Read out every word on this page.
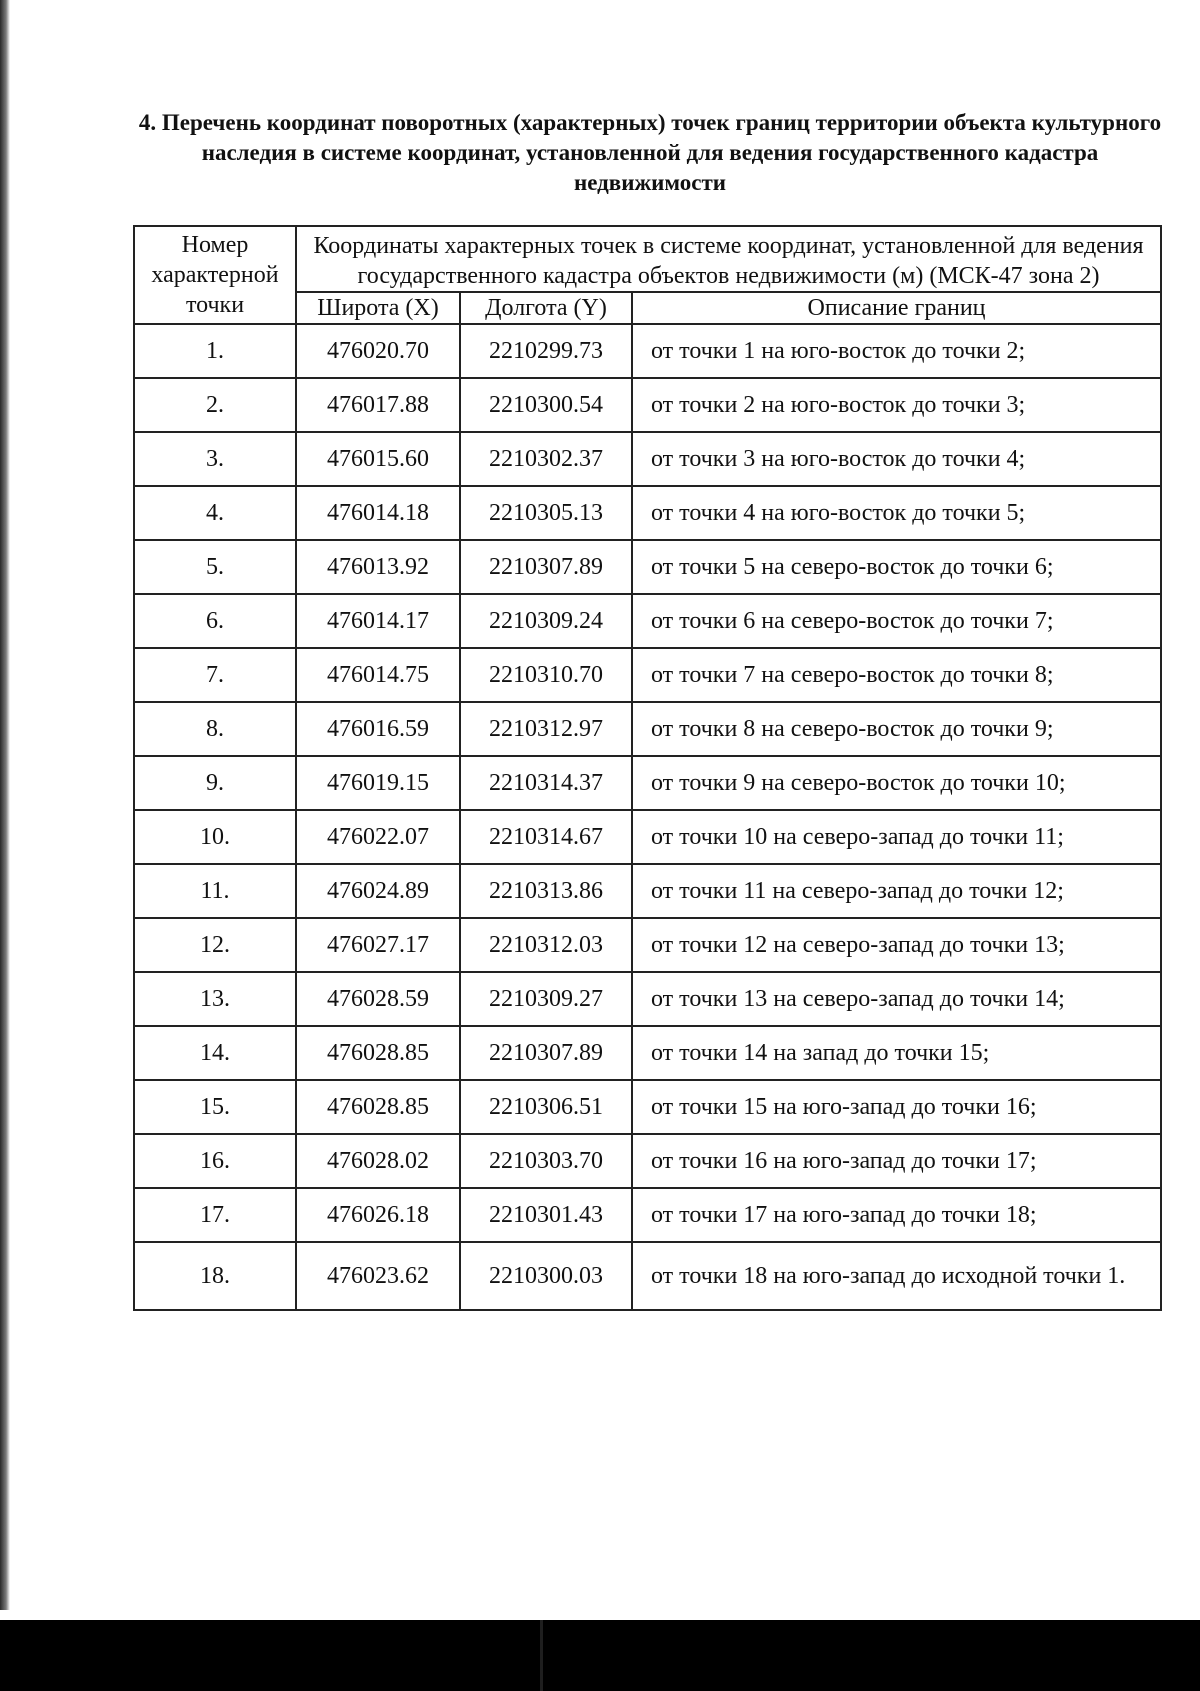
4. Перечень координат поворотных (характерных) точек границ территории объекта культурного наследия в системе координат, установленной для ведения государственного кадастра недвижимости
Номер характерной точки	Координаты характерных точек в системе координат, установленной для ведения государственного кадастра объектов недвижимости (м) (МСК-47 зона 2)		
	Широта (X)	Долгота (Y)	Описание границ
1.	476020.70	2210299.73	от точки 1 на юго-восток до точки 2;
2.	476017.88	2210300.54	от точки 2 на юго-восток до точки 3;
3.	476015.60	2210302.37	от точки 3 на юго-восток до точки 4;
4.	476014.18	2210305.13	от точки 4 на юго-восток до точки 5;
5.	476013.92	2210307.89	от точки 5 на северо-восток до точки 6;
6.	476014.17	2210309.24	от точки 6 на северо-восток до точки 7;
7.	476014.75	2210310.70	от точки 7 на северо-восток до точки 8;
8.	476016.59	2210312.97	от точки 8 на северо-восток до точки 9;
9.	476019.15	2210314.37	от точки 9 на северо-восток до точки 10;
10.	476022.07	2210314.67	от точки 10 на северо-запад до точки 11;
11.	476024.89	2210313.86	от точки 11 на северо-запад до точки 12;
12.	476027.17	2210312.03	от точки 12 на северо-запад до точки 13;
13.	476028.59	2210309.27	от точки 13 на северо-запад до точки 14;
14.	476028.85	2210307.89	от точки 14 на запад до точки 15;
15.	476028.85	2210306.51	от точки 15 на юго-запад до точки 16;
16.	476028.02	2210303.70	от точки 16 на юго-запад до точки 17;
17.	476026.18	2210301.43	от точки 17 на юго-запад до точки 18;
18.	476023.62	2210300.03	от точки 18 на юго-запад до исходной точки 1.
